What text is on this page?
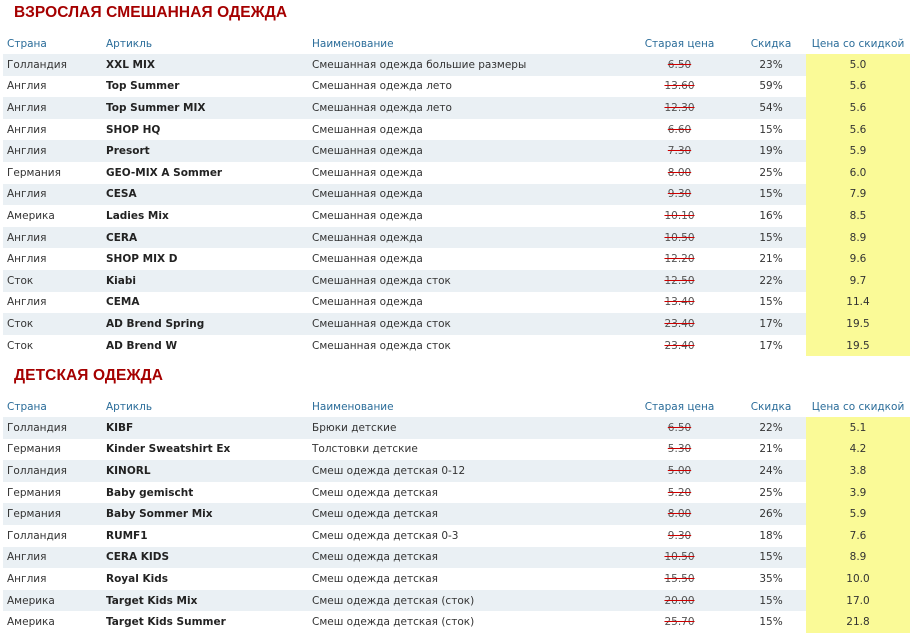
ВЗРОСЛАЯ СМЕШАННАЯ ОДЕЖДА
Страна	Артикль	Наименование	Старая цена	Скидка	Цена со скидкой
Голландия	XXL MIX	Смешанная одежда большие размеры	6.50	23%	5.0
Англия	Top Summer	Смешанная одежда лето	13.60	59%	5.6
Англия	Top Summer MIX	Смешанная одежда лето	12.30	54%	5.6
Англия	SHOP HQ	Смешанная одежда	6.60	15%	5.6
Англия	Presort	Смешанная одежда	7.30	19%	5.9
Германия	GEO-MIX A Sommer	Смешанная одежда	8.00	25%	6.0
Англия	CESA	Смешанная одежда	9.30	15%	7.9
Америка	Ladies Mix	Смешанная одежда	10.10	16%	8.5
Англия	CERA	Смешанная одежда	10.50	15%	8.9
Англия	SHOP MIX D	Смешанная одежда	12.20	21%	9.6
Сток	Kiabi	Смешанная одежда сток	12.50	22%	9.7
Англия	CEMA	Смешанная одежда	13.40	15%	11.4
Сток	AD Brend Spring	Смешанная одежда сток	23.40	17%	19.5
Сток	AD Brend W	Смешанная одежда сток	23.40	17%	19.5
ДЕТСКАЯ ОДЕЖДА
Страна	Артикль	Наименование	Старая цена	Скидка	Цена со скидкой
Голландия	KIBF	Брюки детские	6.50	22%	5.1
Германия	Kinder Sweatshirt Ex	Толстовки детские	5.30	21%	4.2
Голландия	KINORL	Смеш одежда детская 0-12	5.00	24%	3.8
Германия	Baby gemischt	Смеш одежда детская	5.20	25%	3.9
Германия	Baby Sommer Mix	Смеш одежда детская	8.00	26%	5.9
Голландия	RUMF1	Смеш одежда детская 0-3	9.30	18%	7.6
Англия	CERA KIDS	Смеш одежда детская	10.50	15%	8.9
Англия	Royal Kids	Смеш одежда детская	15.50	35%	10.0
Америка	Target Kids Mix	Смеш одежда детская (сток)	20.00	15%	17.0
Америка	Target Kids Summer	Смеш одежда детская (сток)	25.70	15%	21.8
